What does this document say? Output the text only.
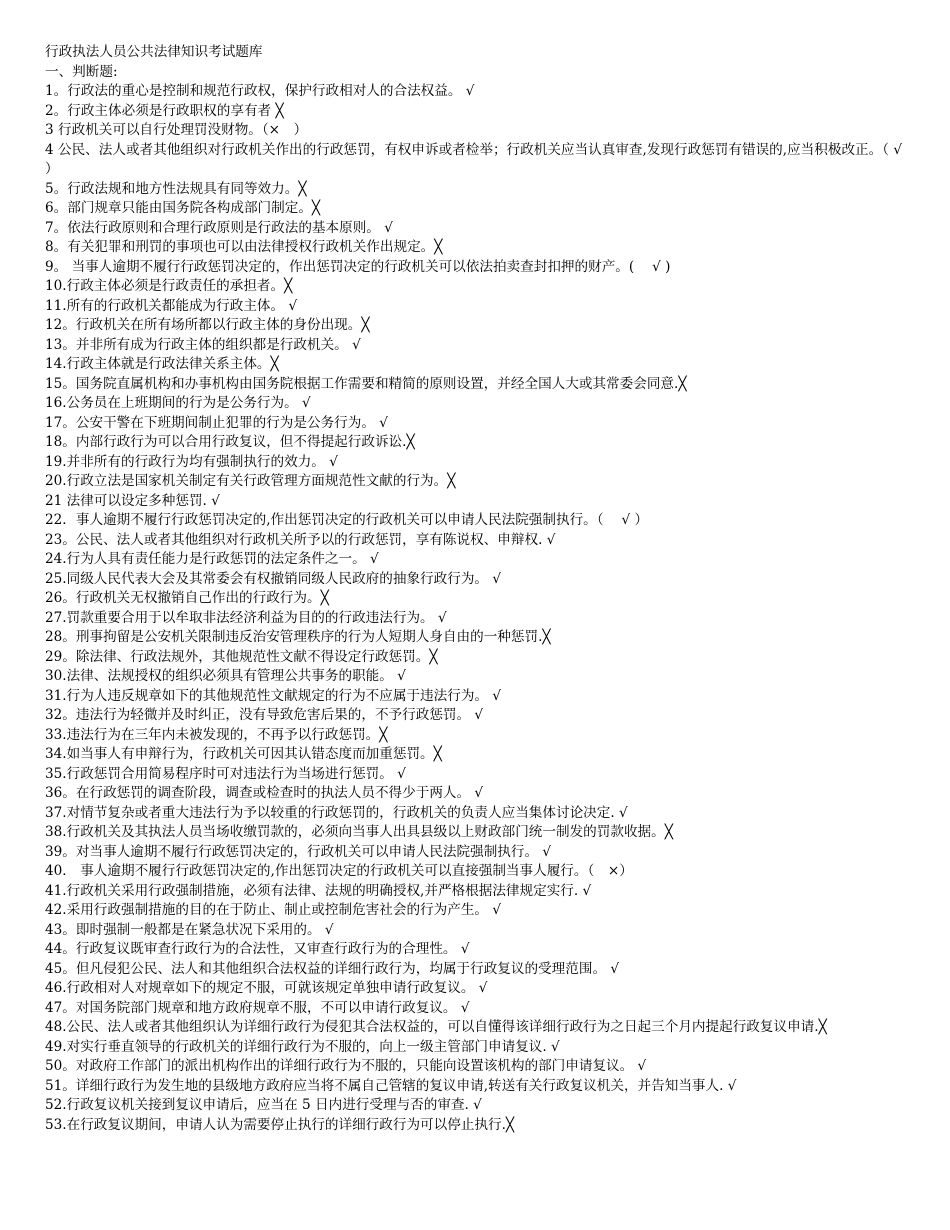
行政执法人员公共法律知识考试题库
一、判断题:
1。行政法的重心是控制和规范行政权，保护行政相对人的合法权益。 √
2。行政主体必须是行政职权的享有者 ╳
3 行政机关可以自行处理罚没财物。（×　）
4 公民、法人或者其他组织对行政机关作出的行政惩罚，有权申诉或者检举；行政机关应当认真审查,发现行政惩罚有错误的,应当积极改正。（ √　 ）
5。行政法规和地方性法规具有同等效力。╳
6。部门规章只能由国务院各构成部门制定。╳
7。依法行政原则和合理行政原则是行政法的基本原则。 √
8。有关犯罪和刑罚的事项也可以由法律授权行政机关作出规定。╳
9。 当事人逾期不履行行政惩罚决定的，作出惩罚决定的行政机关可以依法拍卖查封扣押的财产。(　 √ )
10.行政主体必须是行政责任的承担者。╳
11.所有的行政机关都能成为行政主体。 √
12。行政机关在所有场所都以行政主体的身份出现。╳
13。并非所有成为行政主体的组织都是行政机关。 √
14.行政主体就是行政法律关系主体。╳
15。国务院直属机构和办事机构由国务院根据工作需要和精简的原则设置，并经全国人大或其常委会同意.╳
16.公务员在上班期间的行为是公务行为。 √
17。公安干警在下班期间制止犯罪的行为是公务行为。 √
18。内部行政行为可以合用行政复议，但不得提起行政诉讼.╳
19.并非所有的行政行为均有强制执行的效力。 √
20.行政立法是国家机关制定有关行政管理方面规范性文献的行为。╳
21 法律可以设定多种惩罚. √
22．事人逾期不履行行政惩罚决定的,作出惩罚决定的行政机关可以申请人民法院强制执行。（　 √ ）
23。公民、法人或者其他组织对行政机关所予以的行政惩罚，享有陈说权、申辩权. √
24.行为人具有责任能力是行政惩罚的法定条件之一。 √
25.同级人民代表大会及其常委会有权撤销同级人民政府的抽象行政行为。 √
26。行政机关无权撤销自己作出的行政行为。╳
27.罚款重要合用于以牟取非法经济利益为目的的行政违法行为。 √
28。刑事拘留是公安机关限制违反治安管理秩序的行为人短期人身自由的一种惩罚.╳
29。除法律、行政法规外，其他规范性文献不得设定行政惩罚。╳
30.法律、法规授权的组织必须具有管理公共事务的职能。 √
31.行为人违反规章如下的其他规范性文献规定的行为不应属于违法行为。 √
32。违法行为轻微并及时纠正，没有导致危害后果的，不予行政惩罚。 √
33.违法行为在三年内未被发现的，不再予以行政惩罚。╳
34.如当事人有申辩行为，行政机关可因其认错态度而加重惩罚。╳
35.行政惩罚合用简易程序时可对违法行为当场进行惩罚。 √
36。在行政惩罚的调查阶段，调查或检查时的执法人员不得少于两人。 √
37.对情节复杂或者重大违法行为予以较重的行政惩罚的，行政机关的负责人应当集体讨论决定. √
38.行政机关及其执法人员当场收缴罚款的，必须向当事人出具县级以上财政部门统一制发的罚款收据。╳
39。对当事人逾期不履行行政惩罚决定的，行政机关可以申请人民法院强制执行。 √
40． 事人逾期不履行行政惩罚决定的,作出惩罚决定的行政机关可以直接强制当事人履行。（　×）
41.行政机关采用行政强制措施，必须有法律、法规的明确授权,并严格根据法律规定实行. √
42.采用行政强制措施的目的在于防止、制止或控制危害社会的行为产生。 √
43。即时强制一般都是在紧急状况下采用的。 √
44。行政复议既审查行政行为的合法性，又审查行政行为的合理性。 √
45。但凡侵犯公民、法人和其他组织合法权益的详细行政行为，均属于行政复议的受理范围。 √
46.行政相对人对规章如下的规定不服，可就该规定单独申请行政复议。 √
47。对国务院部门规章和地方政府规章不服，不可以申请行政复议。 √
48.公民、法人或者其他组织认为详细行政行为侵犯其合法权益的，可以自懂得该详细行政行为之日起三个月内提起行政复议申请.╳
49.对实行垂直领导的行政机关的详细行政行为不服的，向上一级主管部门申请复议. √
50。对政府工作部门的派出机构作出的详细行政行为不服的，只能向设置该机构的部门申请复议。 √
51。详细行政行为发生地的县级地方政府应当将不属自己管辖的复议申请,转送有关行政复议机关，并告知当事人. √
52.行政复议机关接到复议申请后，应当在 5 日内进行受理与否的审查. √
53.在行政复议期间，申请人认为需要停止执行的详细行政行为可以停止执行.╳
